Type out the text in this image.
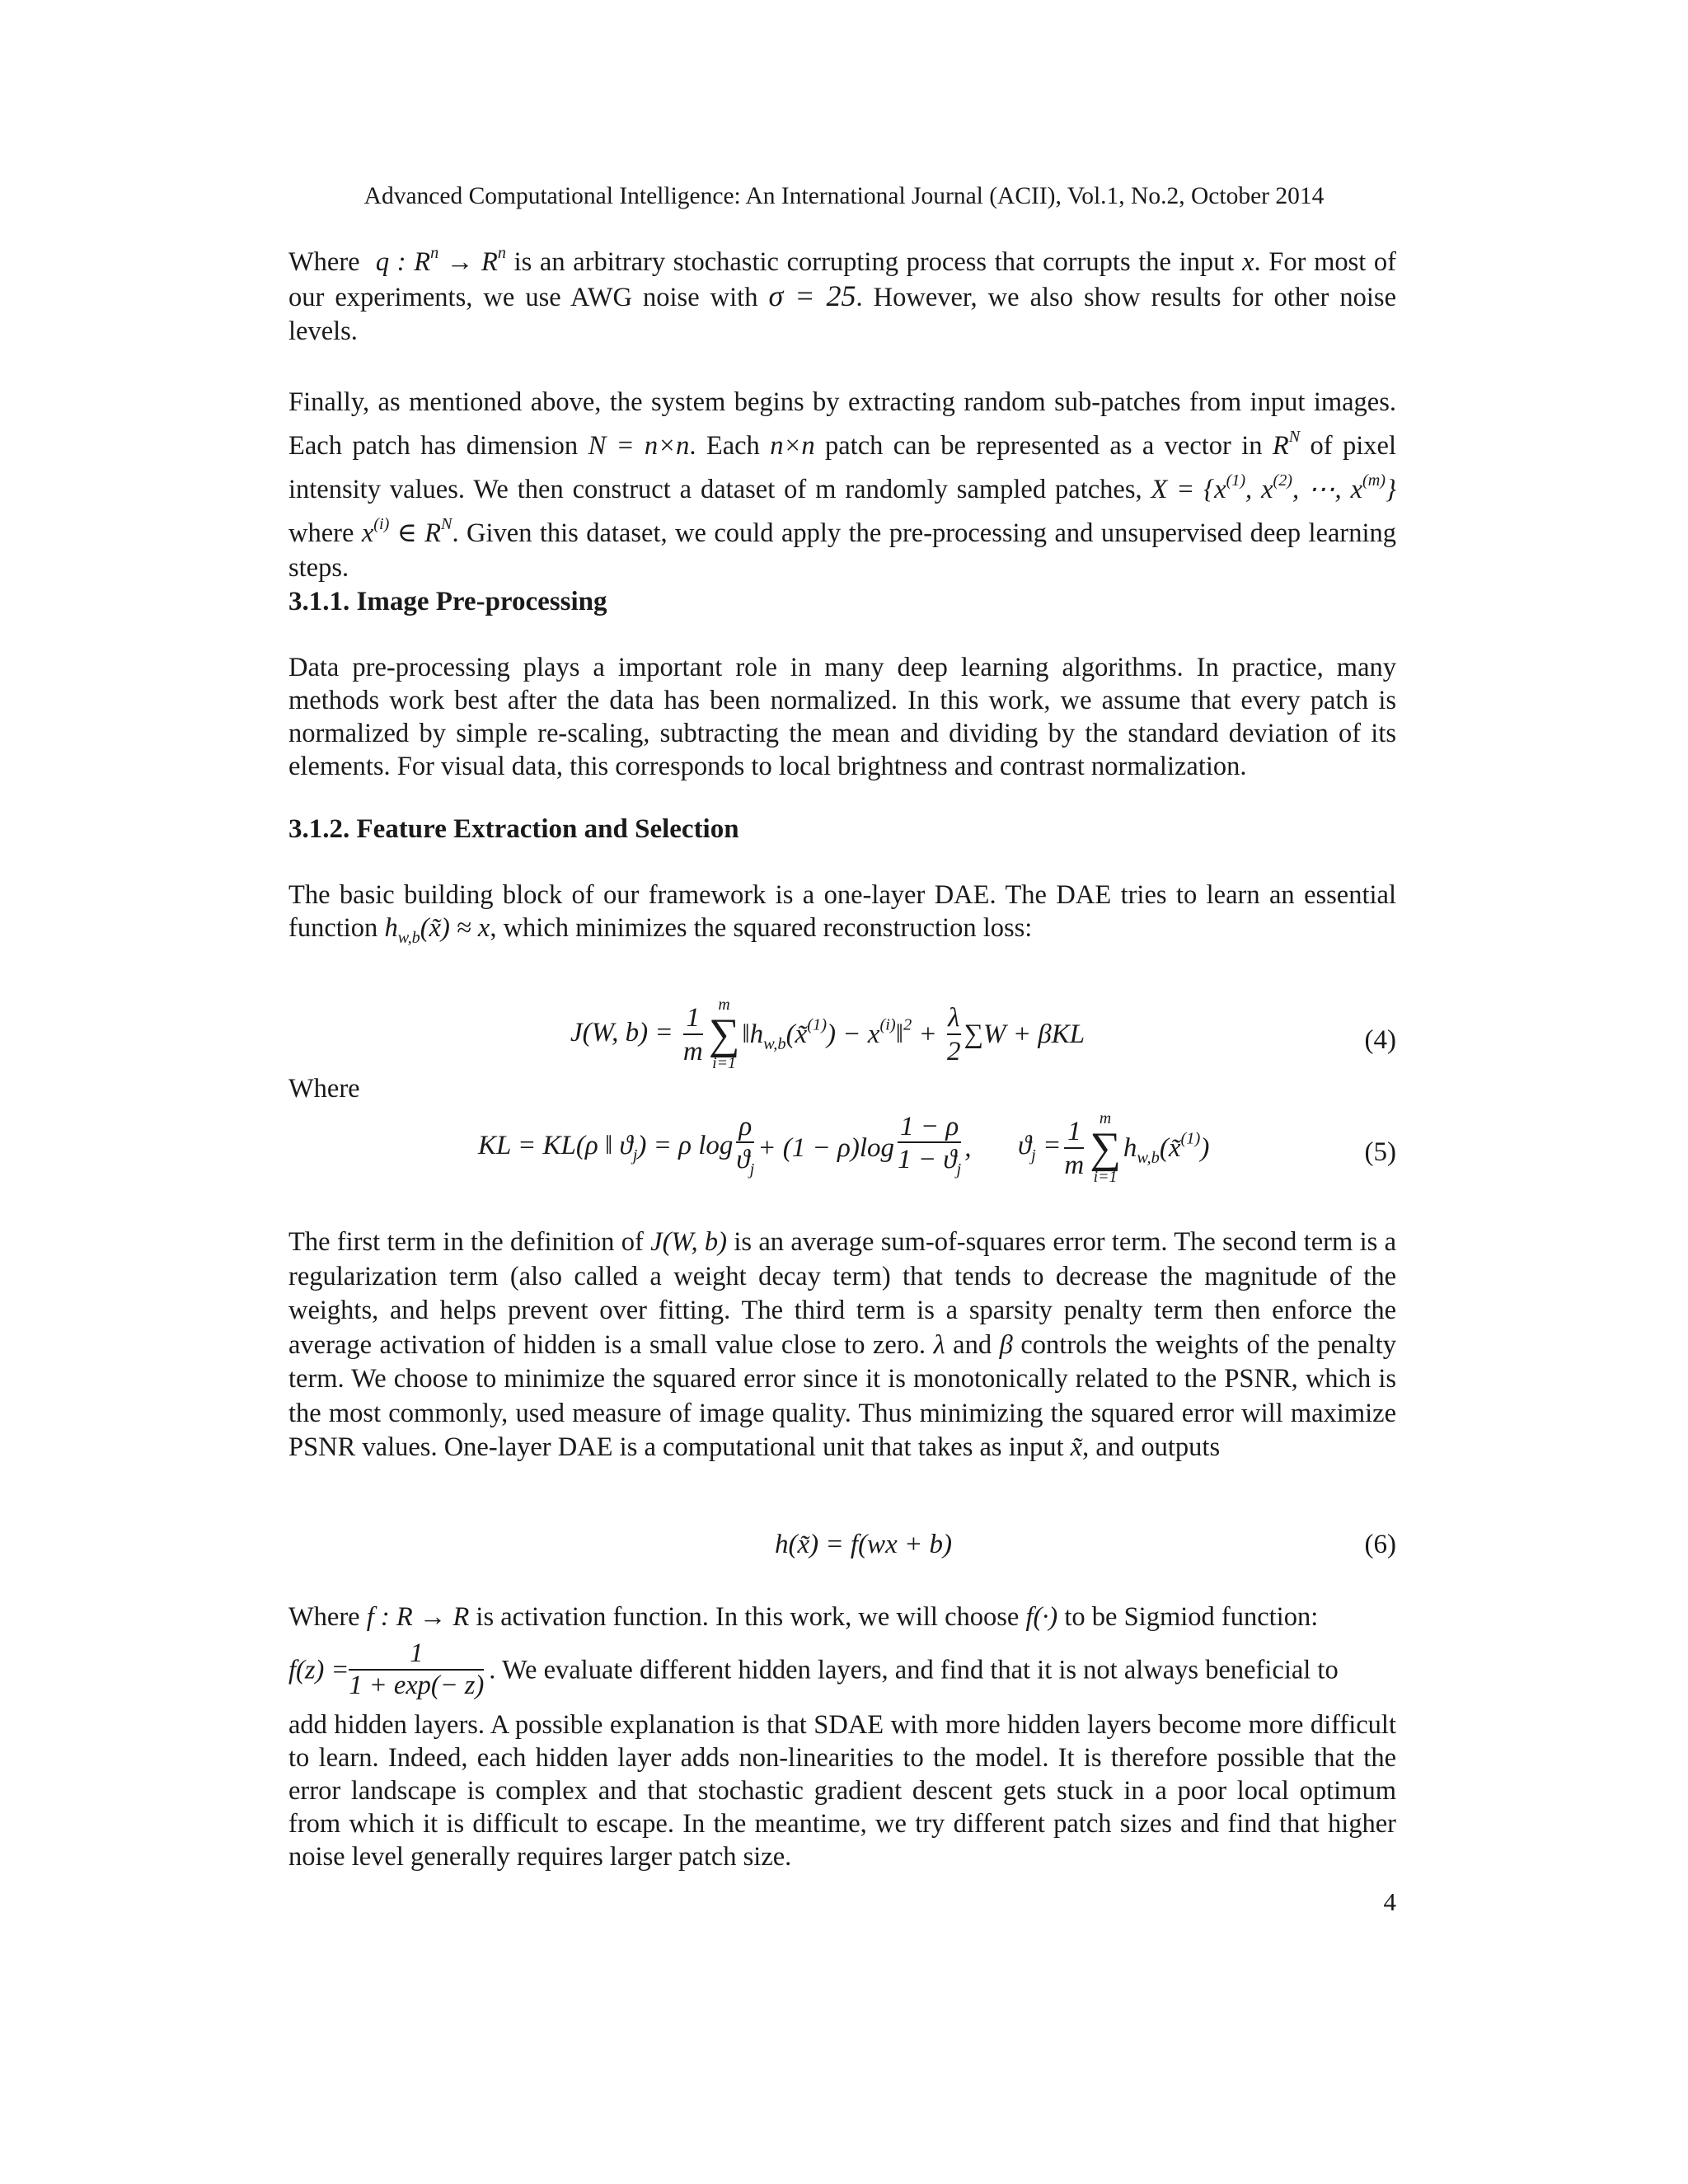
Advanced Computational Intelligence: An International Journal (ACII), Vol.1, No.2, October 2014

Where q : $R^n \to R^n$ is an arbitrary stochastic corrupting process that corrupts the input x. For most of our experiments, we use AWG noise with σ = 25. However, we also show results for other noise levels.

Finally, as mentioned above, the system begins by extracting random sub-patches from input images. Each patch has dimension N = n×n. Each n×n patch can be represented as a vector in $R^N$ of pixel intensity values. We then construct a dataset of m randomly sampled patches, $X = \{x^{(1)}$, $x^{(2)}$, ⋯, $x^{(m)}$} where $x^{(i)}$ ∈ $R^N$. Given this dataset, we could apply the pre-processing and unsupervised deep learning steps.

3.1.1. Image Pre-processing

Data pre-processing plays a important role in many deep learning algorithms. In practice, many methods work best after the data has been normalized. In this work, we assume that every patch is normalized by simple re-scaling, subtracting the mean and dividing by the standard deviation of its elements. For visual data, this corresponds to local brightness and contrast normalization.

3.1.2. Feature Extraction and Selection

The basic building block of our framework is a one-layer DAE. The DAE tries to learn an essential function $h_{w,b}(x̃) \approx x$, which minimizes the squared reconstruction loss:

J(W, $b) = \frac{1}{m}$ m
∑
i=1
$‖h_{w,b}(x̃^{(1)})$ − $x^{(i)}‖^2 + \frac{\lambda}{2} \sum W + \beta KL$	(4)

Where

KL = KL(ρ ‖ $ϑ_j) = \rho$ $\log \frac{\rho}{ϑ_j} + (1 - \rho)\log \frac{1 - \rho}{1 - ϑ_j}$ , $ϑ_j = \frac{1}{m}$ m
∑
i=1
$h_{w,b}(x̃^{(1)})$	(5)

The first term in the definition of J(W, b) is an average sum-of-squares error term. The second term is a regularization term (also called a weight decay term) that tends to decrease the magnitude of the weights, and helps prevent over fitting. The third term is a sparsity penalty term then enforce the average activation of hidden is a small value close to zero. λ and β controls the weights of the penalty term. We choose to minimize the squared error since it is monotonically related to the PSNR, which is the most commonly, used measure of image quality. Thus minimizing the squared error will maximize PSNR values. One-layer DAE is a computational unit that takes as input x̃, and outputs

h(x̃) = f(wx + b)	(6)

Where f : R → R is activation function. In this work, we will choose f(·) to be Sigmiod function:

$f(z) = \frac{1}{1 + \exp(- z)}$ . We evaluate different hidden layers, and find that it is not always beneficial to

add hidden layers. A possible explanation is that SDAE with more hidden layers become more difficult to learn. Indeed, each hidden layer adds non-linearities to the model. It is therefore possible that the error landscape is complex and that stochastic gradient descent gets stuck in a poor local optimum from which it is difficult to escape. In the meantime, we try different patch sizes and find that higher noise level generally requires larger patch size.

4
